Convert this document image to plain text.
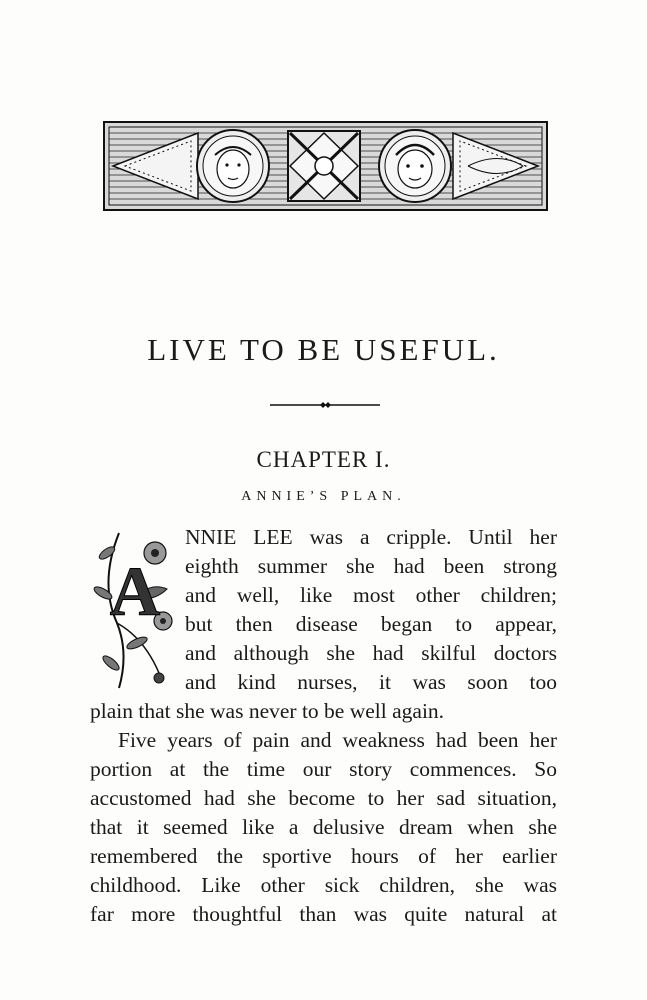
LIVE TO BE USEFUL.
CHAPTER I.
ANNIE’S PLAN.
A

NNIE LEE was a cripple. Until her

eighth summer she had been strong

and well, like most other children;

but then disease began to appear,

and although she had skilful doctors

and kind nurses, it was soon too

plain that she was never to be well again.

Five years of pain and weakness had been her

portion at the time our story commences. So

accustomed had she become to her sad situation,

that it seemed like a delusive dream when she

remembered the sportive hours of her earlier

childhood. Like other sick children, she was

far more thoughtful than was quite natural at
